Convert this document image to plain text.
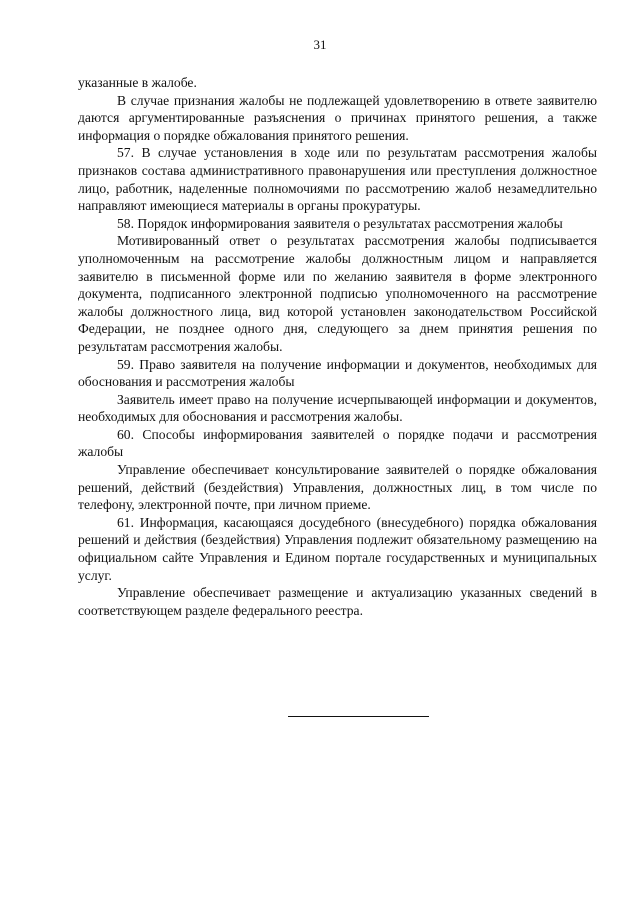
31

указанные в жалобе.

В случае признания жалобы не подлежащей удовлетворению в ответе заявителю даются аргументированные разъяснения о причинах принятого решения, а также информация о порядке обжалования принятого решения.

57. В случае установления в ходе или по результатам рассмотрения жалобы признаков состава административного правонарушения или преступления должностное лицо, работник, наделенные полномочиями по рассмотрению жалоб незамедлительно направляют имеющиеся материалы в органы прокуратуры.

58. Порядок информирования заявителя о результатах рассмотрения жалобы

Мотивированный ответ о результатах рассмотрения жалобы подписывается уполномоченным на рассмотрение жалобы должностным лицом и направляется заявителю в письменной форме или по желанию заявителя в форме электронного документа, подписанного электронной подписью уполномоченного на рассмотрение жалобы должностного лица, вид которой установлен законодательством Российской Федерации, не позднее одного дня, следующего за днем принятия решения по результатам рассмотрения жалобы.

59. Право заявителя на получение информации и документов, необходимых для обоснования и рассмотрения жалобы

Заявитель имеет право на получение исчерпывающей информации и документов, необходимых для обоснования и рассмотрения жалобы.

60. Способы информирования заявителей о порядке подачи и рассмотрения жалобы

Управление обеспечивает консультирование заявителей о порядке обжалования решений, действий (бездействия) Управления, должностных лиц, в том числе по телефону, электронной почте, при личном приеме.

61. Информация, касающаяся досудебного (внесудебного) порядка обжалования решений и действия (бездействия) Управления подлежит обязательному размещению на официальном сайте Управления и Едином портале государственных и муниципальных услуг.

Управление обеспечивает размещение и актуализацию указанных сведений в соответствующем разделе федерального реестра.
